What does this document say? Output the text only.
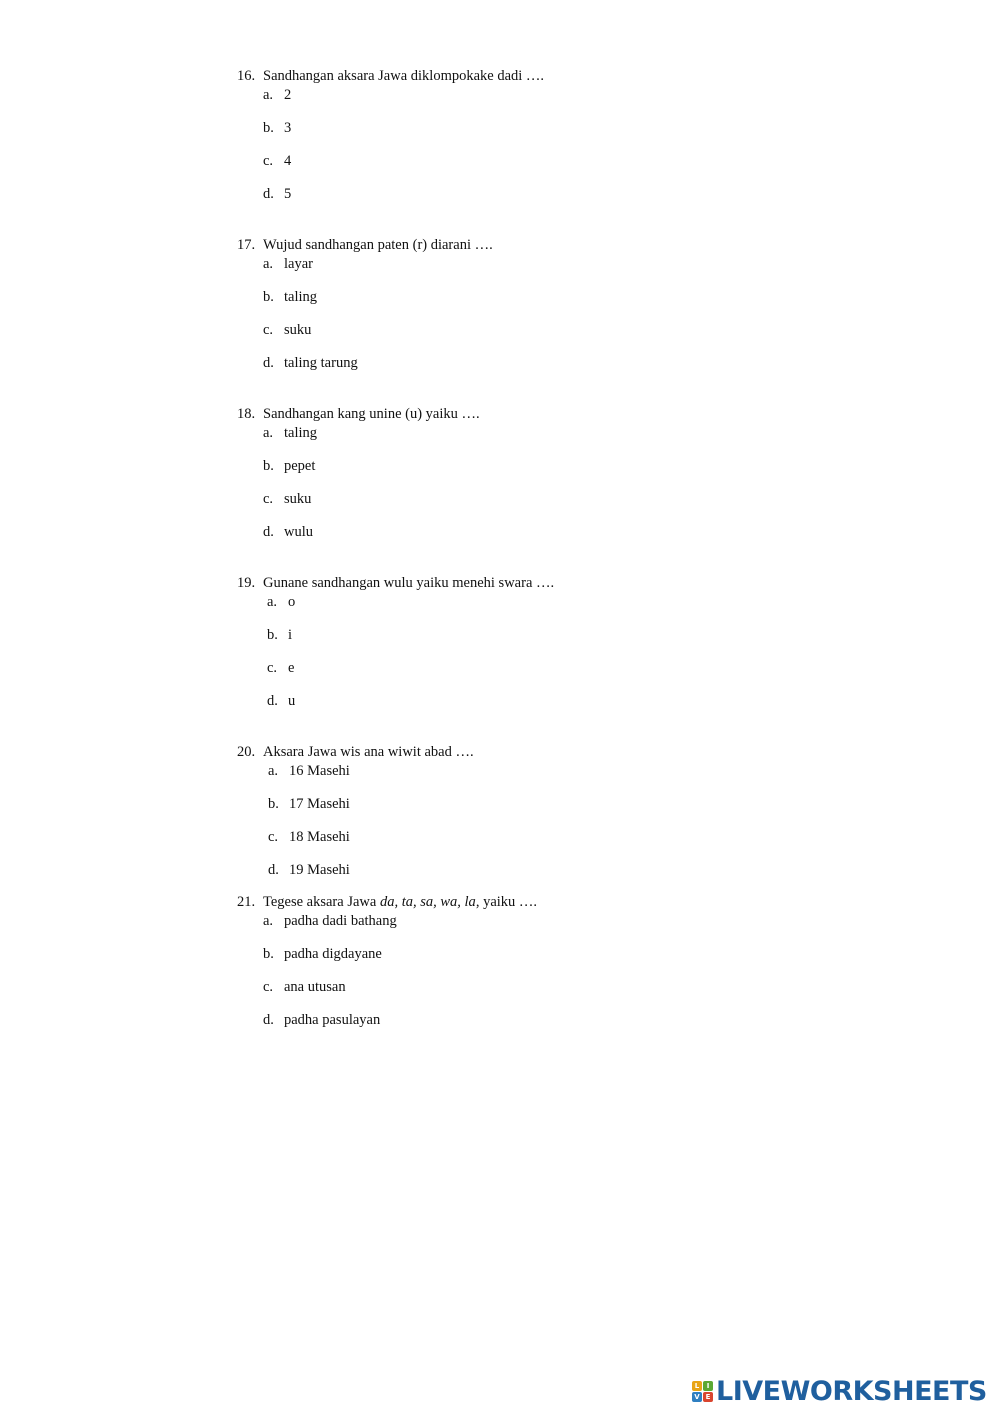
16. Sandhangan aksara Jawa diklompokake dadi ….
a. 2
b. 3
c. 4
d. 5
17. Wujud sandhangan paten (r) diarani ….
a. layar
b. taling
c. suku
d. taling tarung
18. Sandhangan kang unine (u) yaiku ….
a. taling
b. pepet
c. suku
d. wulu
19. Gunane sandhangan wulu yaiku menehi swara ….
a. o
b. i
c. e
d. u
20. Aksara Jawa wis ana wiwit abad ….
a. 16 Masehi
b. 17 Masehi
c. 18 Masehi
d. 19 Masehi
21. Tegese aksara Jawa da, ta, sa, wa, la, yaiku ….
a. padha dadi bathang
b. padha digdayane
c. ana utusan
d. padha pasulayan
L	I
V E LIVEWORKSHEETS
